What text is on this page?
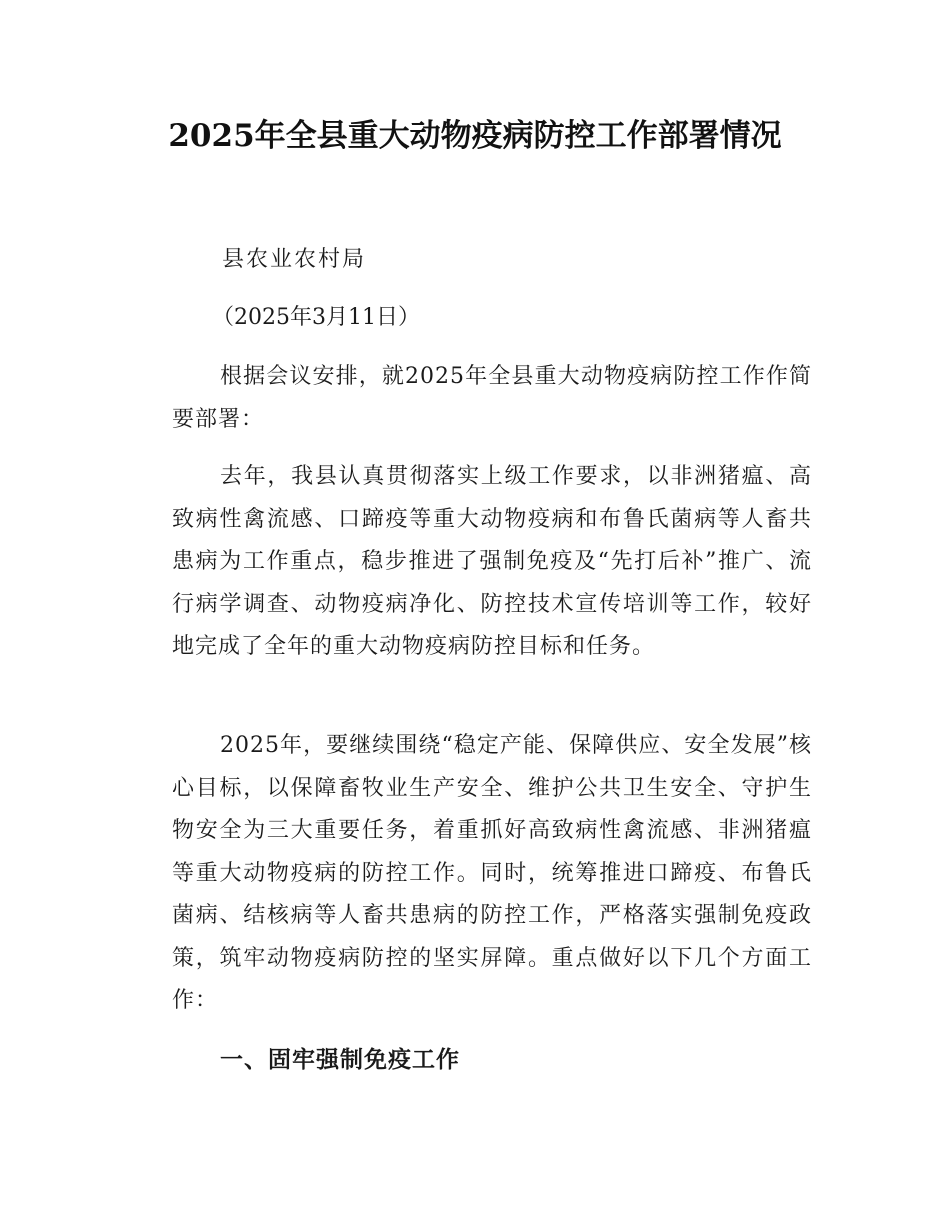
2025年全县重大动物疫病防控工作部署情况

县农业农村局

（2025年3月11日）

根据会议安排，就2025年全县重大动物疫病防控工作作简要部署：

去年，我县认真贯彻落实上级工作要求，以非洲猪瘟、高致病性禽流感、口蹄疫等重大动物疫病和布鲁氏菌病等人畜共患病为工作重点，稳步推进了强制免疫及“先打后补”推广、流行病学调查、动物疫病净化、防控技术宣传培训等工作，较好地完成了全年的重大动物疫病防控目标和任务。

2025年，要继续围绕“稳定产能、保障供应、安全发展”核心目标，以保障畜牧业生产安全、维护公共卫生安全、守护生物安全为三大重要任务，着重抓好高致病性禽流感、非洲猪瘟等重大动物疫病的防控工作。同时，统筹推进口蹄疫、布鲁氏菌病、结核病等人畜共患病的防控工作，严格落实强制免疫政策，筑牢动物疫病防控的坚实屏障。重点做好以下几个方面工作：

一、固牢强制免疫工作
